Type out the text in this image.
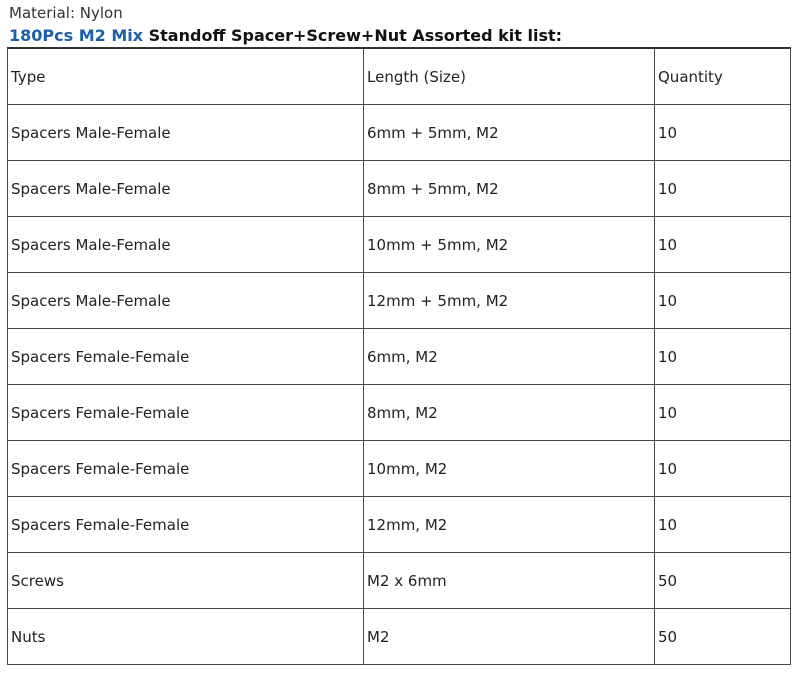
Material: Nylon
180Pcs M2 Mix Standoff Spacer+Screw+Nut Assorted kit list:
Type	Length (Size)	Quantity
Spacers Male-Female	6mm + 5mm, M2	10
Spacers Male-Female	8mm + 5mm, M2	10
Spacers Male-Female	10mm + 5mm, M2	10
Spacers Male-Female	12mm + 5mm, M2	10
Spacers Female-Female	6mm, M2	10
Spacers Female-Female	8mm, M2	10
Spacers Female-Female	10mm, M2	10
Spacers Female-Female	12mm, M2	10
Screws	M2 x 6mm	50
Nuts	M2	50
